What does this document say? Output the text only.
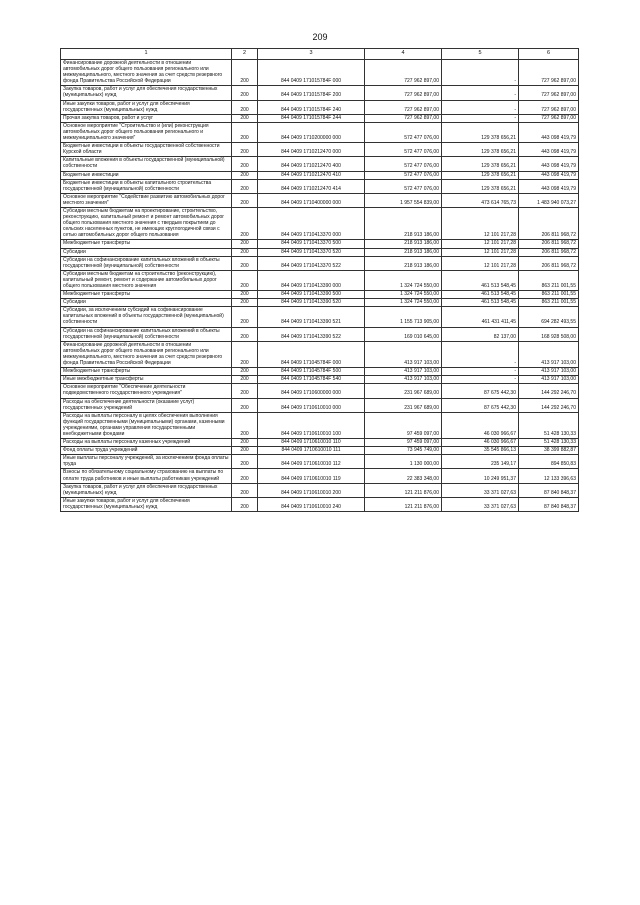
209
1	2	3	4	5	6
Финансирование дорожной деятельности в отношении автомобильных дорог общего пользования регионального или межмуниципального, местного значения за счет средств резервного фонда Правительства Российской Федерации	200	844 0409 171015784F 000	727 962 897,00	-	727 962 897,00
Закупка товаров, работ и услуг для обеспечения государственных (муниципальных) нужд	200	844 0409 171015784F 200	727 962 897,00	-	727 962 897,00
Иные закупки товаров, работ и услуг для обеспечения государственных (муниципальных) нужд	200	844 0409 171015784F 240	727 962 897,00	-	727 962 897,00
Прочая закупка товаров, работ и услуг	200	844 0409 171015784F 244	727 962 897,00	-	727 962 897,00
Основное мероприятие "Строительство и (или) реконструкция автомобильных дорог общего пользования регионального и межмуниципального значения"	200	844 0409 1710200000 000	572 477 076,00	129 378 656,21	443 098 419,79
Бюджетные инвестиции в объекты государственной собственности Курской области	200	844 0409 1710212470 000	572 477 076,00	129 378 656,21	443 098 419,79
Капитальные вложения в объекты государственной (муниципальной) собственности	200	844 0409 1710212470 400	572 477 076,00	129 378 656,21	443 098 419,79
Бюджетные инвестиции	200	844 0409 1710212470 410	572 477 076,00	129 378 656,21	443 098 419,79
Бюджетные инвестиции в объекты капитального строительства государственной (муниципальной) собственности	200	844 0409 1710212470 414	572 477 076,00	129 378 656,21	443 098 419,79
Основное мероприятие "Содействие развитию автомобильных дорог местного значения"	200	844 0409 1710400000 000	1 957 554 839,00	473 614 765,73	1 483 940 073,27
Субсидии местным бюджетам на проектирование, строительство, реконструкцию, капитальный ремонт и ремонт автомобильных дорог общего пользования местного значения с твердым покрытием до сельских населенных пунктов, не имеющих круглогодичной связи с сетью автомобильных дорог общего пользования	200	844 0409 1710413370 000	218 913 186,00	12 101 217,28	206 811 968,72
Межбюджетные трансферты	200	844 0409 1710413370 500	218 913 186,00	12 101 217,28	206 811 968,72
Субсидии	200	844 0409 1710413370 520	218 913 186,00	12 101 217,28	206 811 968,72
Субсидии на софинансирование капитальных вложений в объекты государственной (муниципальной) собственности	200	844 0409 1710413370 522	218 913 186,00	12 101 217,28	206 811 968,72
Субсидии местным бюджетам на строительство (реконструкцию), капитальный ремонт, ремонт и содержание автомобильных дорог общего пользования местного значения	200	844 0409 1710413390 000	1 324 724 550,00	461 513 548,45	863 211 001,55
Межбюджетные трансферты	200	844 0409 1710413390 500	1 324 724 550,00	461 513 548,45	863 211 001,55
Субсидии	200	844 0409 1710413390 520	1 324 724 550,00	461 513 548,45	863 211 001,55
Субсидии, за исключением субсидий на софинансирование капитальных вложений в объекты государственной (муниципальной) собственности	200	844 0409 1710413390 521	1 155 713 905,00	461 431 411,45	694 282 493,55
Субсидии на софинансирование капитальных вложений в объекты государственной (муниципальной) собственности	200	844 0409 1710413390 522	169 010 645,00	82 137,00	168 928 508,00
Финансирование дорожной деятельности в отношении автомобильных дорог общего пользования регионального или межмуниципального, местного значения за счет средств резервного фонда Правительства Российской Федерации	200	844 0409 171045784F 000	413 917 103,00	-	413 917 103,00
Межбюджетные трансферты	200	844 0409 171045784F 500	413 917 103,00	-	413 917 103,00
Иные межбюджетные трансферты	200	844 0409 171045784F 540	413 917 103,00	-	413 917 103,00
Основное мероприятие "Обеспечение деятельности подведомственного государственного учреждения"	200	844 0409 1710600000 000	231 967 689,00	87 675 442,30	144 292 246,70
Расходы на обеспечение деятельности (оказание услуг) государственных учреждений	200	844 0409 1710610010 000	231 967 689,00	87 675 442,30	144 292 246,70
Расходы на выплаты персоналу в целях обеспечения выполнения функций государственными (муниципальными) органами, казенными учреждениями, органами управления государственными внебюджетными фондами	200	844 0409 1710610010 100	97 459 097,00	46 030 966,67	51 428 130,33
Расходы на выплаты персоналу казенных учреждений	200	844 0409 1710610010 110	97 459 097,00	46 030 966,67	51 428 130,33
Фонд оплаты труда учреждений	200	844 0409 1710610010 111	73 945 749,00	35 545 866,13	38 399 882,87
Иные выплаты персоналу учреждений, за исключением фонда оплаты труда	200	844 0409 1710610010 112	1 130 000,00	235 149,17	894 850,83
Взносы по обязательному социальному страхованию на выплаты по оплате труда работников и иные выплаты работникам учреждений	200	844 0409 1710610010 119	22 383 348,00	10 249 951,37	12 133 396,63
Закупка товаров, работ и услуг для обеспечения государственных (муниципальных) нужд	200	844 0409 1710610010 200	121 211 876,00	33 371 027,63	87 840 848,37
Иные закупки товаров, работ и услуг для обеспечения государственных (муниципальных) нужд	200	844 0409 1710610010 240	121 211 876,00	33 371 027,63	87 840 848,37
